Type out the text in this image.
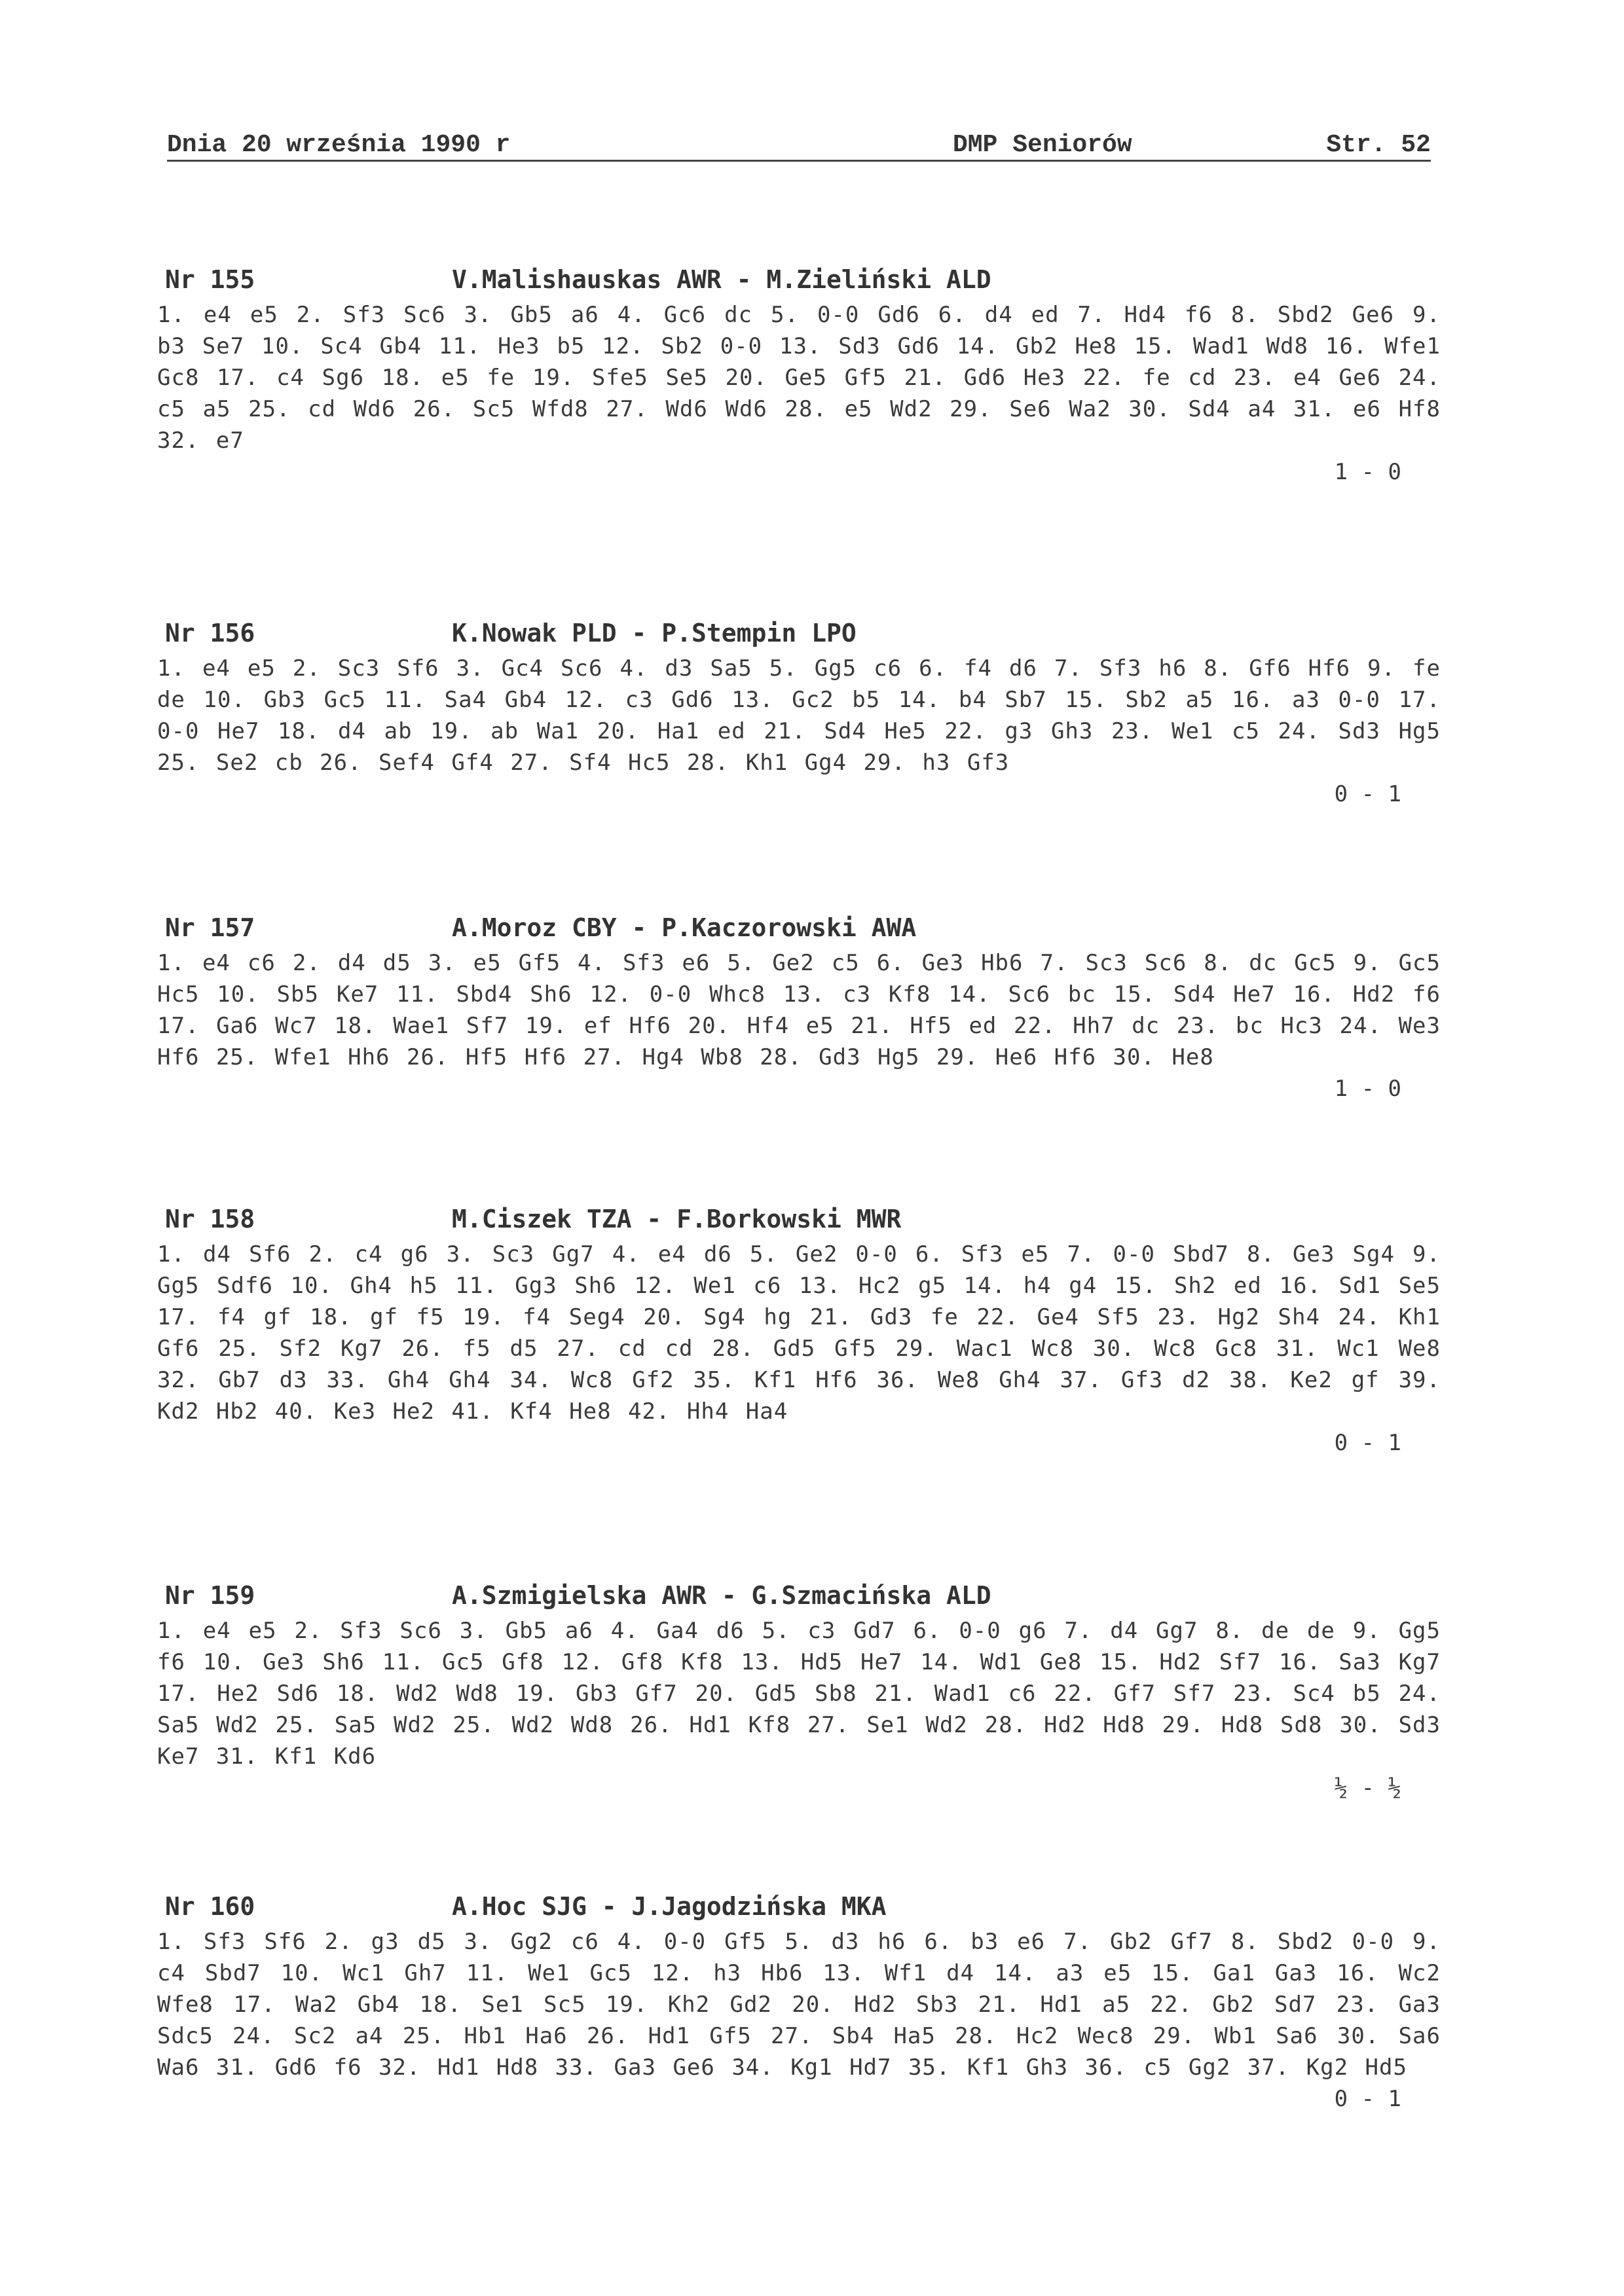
Dnia 20 września 1990 r	DMP Seniorów	Str. 52
Nr 155	V.Malishauskas AWR - M.Zieliński ALD
1. e4 e5 2. Sf3 Sc6 3. Gb5 a6 4. Gc6 dc 5. 0-0 Gd6 6. d4 ed 7. Hd4 f6 8. Sbd2 Ge6 9. b3 Se7 10. Sc4 Gb4 11. He3 b5 12. Sb2 0-0 13. Sd3 Gd6 14. Gb2 He8 15. Wad1 Wd8 16. Wfe1 Gc8 17. c4 Sg6 18. e5 fe 19. Sfe5 Se5 20. Ge5 Gf5 21. Gd6 He3 22. fe cd 23. e4 Ge6 24. c5 a5 25. cd Wd6 26. Sc5 Wfd8 27. Wd6 Wd6 28. e5 Wd2 29. Se6 Wa2 30. Sd4 a4 31. e6 Hf8 32. e7
1 - 0
Nr 156	K.Nowak PLD - P.Stempin LPO
1. e4 e5 2. Sc3 Sf6 3. Gc4 Sc6 4. d3 Sa5 5. Gg5 c6 6. f4 d6 7. Sf3 h6 8. Gf6 Hf6 9. fe de 10. Gb3 Gc5 11. Sa4 Gb4 12. c3 Gd6 13. Gc2 b5 14. b4 Sb7 15. Sb2 a5 16. a3 0-0 17. 0-0 He7 18. d4 ab 19. ab Wa1 20. Ha1 ed 21. Sd4 He5 22. g3 Gh3 23. We1 c5 24. Sd3 Hg5 25. Se2 cb 26. Sef4 Gf4 27. Sf4 Hc5 28. Kh1 Gg4 29. h3 Gf3
0 - 1
Nr 157	A.Moroz CBY - P.Kaczorowski AWA
1. e4 c6 2. d4 d5 3. e5 Gf5 4. Sf3 e6 5. Ge2 c5 6. Ge3 Hb6 7. Sc3 Sc6 8. dc Gc5 9. Gc5 Hc5 10. Sb5 Ke7 11. Sbd4 Sh6 12. 0-0 Whc8 13. c3 Kf8 14. Sc6 bc 15. Sd4 He7 16. Hd2 f6 17. Ga6 Wc7 18. Wae1 Sf7 19. ef Hf6 20. Hf4 e5 21. Hf5 ed 22. Hh7 dc 23. bc Hc3 24. We3 Hf6 25. Wfe1 Hh6 26. Hf5 Hf6 27. Hg4 Wb8 28. Gd3 Hg5 29. He6 Hf6 30. He8
1 - 0
Nr 158	M.Ciszek TZA - F.Borkowski MWR
1. d4 Sf6 2. c4 g6 3. Sc3 Gg7 4. e4 d6 5. Ge2 0-0 6. Sf3 e5 7. 0-0 Sbd7 8. Ge3 Sg4 9. Gg5 Sdf6 10. Gh4 h5 11. Gg3 Sh6 12. We1 c6 13. Hc2 g5 14. h4 g4 15. Sh2 ed 16. Sd1 Se5 17. f4 gf 18. gf f5 19. f4 Seg4 20. Sg4 hg 21. Gd3 fe 22. Ge4 Sf5 23. Hg2 Sh4 24. Kh1 Gf6 25. Sf2 Kg7 26. f5 d5 27. cd cd 28. Gd5 Gf5 29. Wac1 Wc8 30. Wc8 Gc8 31. Wc1 We8 32. Gb7 d3 33. Gh4 Gh4 34. Wc8 Gf2 35. Kf1 Hf6 36. We8 Gh4 37. Gf3 d2 38. Ke2 gf 39. Kd2 Hb2 40. Ke3 He2 41. Kf4 He8 42. Hh4 Ha4
0 - 1
Nr 159	A.Szmigielska AWR - G.Szmacińska ALD
1. e4 e5 2. Sf3 Sc6 3. Gb5 a6 4. Ga4 d6 5. c3 Gd7 6. 0-0 g6 7. d4 Gg7 8. de de 9. Gg5 f6 10. Ge3 Sh6 11. Gc5 Gf8 12. Gf8 Kf8 13. Hd5 He7 14. Wd1 Ge8 15. Hd2 Sf7 16. Sa3 Kg7 17. He2 Sd6 18. Wd2 Wd8 19. Gb3 Gf7 20. Gd5 Sb8 21. Wad1 c6 22. Gf7 Sf7 23. Sc4 b5 24. Sa5 Wd2 25. Sa5 Wd2 25. Wd2 Wd8 26. Hd1 Kf8 27. Se1 Wd2 28. Hd2 Hd8 29. Hd8 Sd8 30. Sd3 Ke7 31. Kf1 Kd6
½ - ½
Nr 160	A.Hoc SJG - J.Jagodzińska MKA
1. Sf3 Sf6 2. g3 d5 3. Gg2 c6 4. 0-0 Gf5 5. d3 h6 6. b3 e6 7. Gb2 Gf7 8. Sbd2 0-0 9. c4 Sbd7 10. Wc1 Gh7 11. We1 Gc5 12. h3 Hb6 13. Wf1 d4 14. a3 e5 15. Ga1 Ga3 16. Wc2 Wfe8 17. Wa2 Gb4 18. Se1 Sc5 19. Kh2 Gd2 20. Hd2 Sb3 21. Hd1 a5 22. Gb2 Sd7 23. Ga3 Sdc5 24. Sc2 a4 25. Hb1 Ha6 26. Hd1 Gf5 27. Sb4 Ha5 28. Hc2 Wec8 29. Wb1 Sa6 30. Sa6 Wa6 31. Gd6 f6 32. Hd1 Hd8 33. Ga3 Ge6 34. Kg1 Hd7 35. Kf1 Gh3 36. c5 Gg2 37. Kg2 Hd5
0 - 1
